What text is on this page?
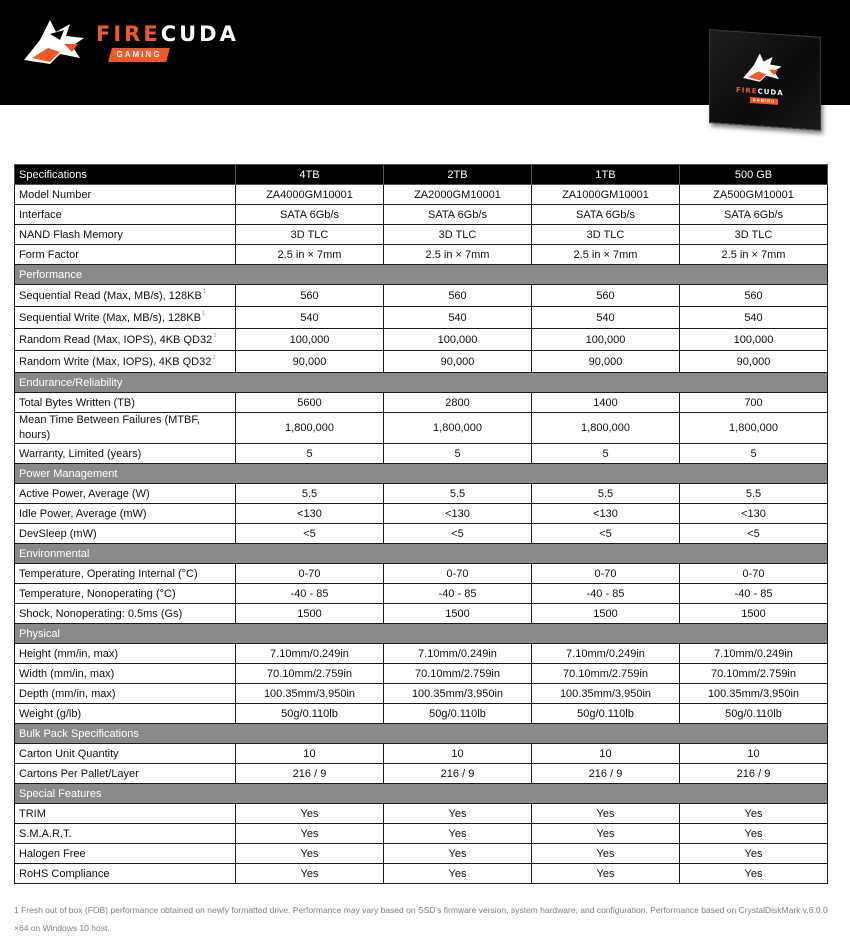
FIRECUDA
GAMING
FIRECUDA
GAMING
Specifications	4TB	2TB	1TB	500 GB
Model Number	ZA4000GM10001	ZA2000GM10001	ZA1000GM10001	ZA500GM10001
Interface	SATA 6Gb/s	SATA 6Gb/s	SATA 6Gb/s	SATA 6Gb/s
NAND Flash Memory	3D TLC	3D TLC	3D TLC	3D TLC
Form Factor	2.5 in × 7mm	2.5 in × 7mm	2.5 in × 7mm	2.5 in × 7mm
Performance				
Sequential Read (Max, MB/s), $128KB^1$	560	560	560	560
Sequential Write (Max, MB/s), $128KB^1$	540	540	540	540
Random Read (Max, IOPS), 4KB $QD32^1$	100,000	100,000	100,000	100,000
Random Write (Max, IOPS), 4KB $QD32^1$	90,000	90,000	90,000	90,000
Endurance/Reliability				
Total Bytes Written (TB)	5600	2800	1400	700
Mean Time Between Failures (MTBF, hours)	1,800,000	1,800,000	1,800,000	1,800,000
Warranty, Limited (years)	5	5	5	5
Power Management				
Active Power, Average (W)	5.5	5.5	5.5	5.5
Idle Power, Average (mW)	<130	<130	<130	<130
DevSleep (mW)	<5	<5	<5	<5
Environmental				
Temperature, Operating Internal (°C)	0-70	0-70	0-70	0-70
Temperature, Nonoperating (°C)	-40 - 85	-40 - 85	-40 - 85	-40 - 85
Shock, Nonoperating: 0.5ms (Gs)	1500	1500	1500	1500
Physical				
Height (mm/in, max)	7.10mm/0.249in	7.10mm/0.249in	7.10mm/0.249in	7.10mm/0.249in
Width (mm/in, max)	70.10mm/2.759in	70.10mm/2.759in	70.10mm/2.759in	70.10mm/2.759in
Depth (mm/in, max)	100.35mm/3.950in	100.35mm/3.950in	100.35mm/3.950in	100.35mm/3.950in
Weight (g/lb)	50g/0.110lb	50g/0.110lb	50g/0.110lb	50g/0.110lb
Bulk Pack Specifications				
Carton Unit Quantity	10	10	10	10
Cartons Per Pallet/Layer	216 / 9	216 / 9	216 / 9	216 / 9
Special Features				
TRIM	Yes	Yes	Yes	Yes
S.M.A.R.T.	Yes	Yes	Yes	Yes
Halogen Free	Yes	Yes	Yes	Yes
RoHS Compliance	Yes	Yes	Yes	Yes
1 Fresh out of box (FOB) performance obtained on newly formatted drive. Performance may vary based on SSD’s firmware version, system hardware, and configuration. Performance based on CrystalDiskMark v.6.0.0 ×64 on Windows 10 host.
